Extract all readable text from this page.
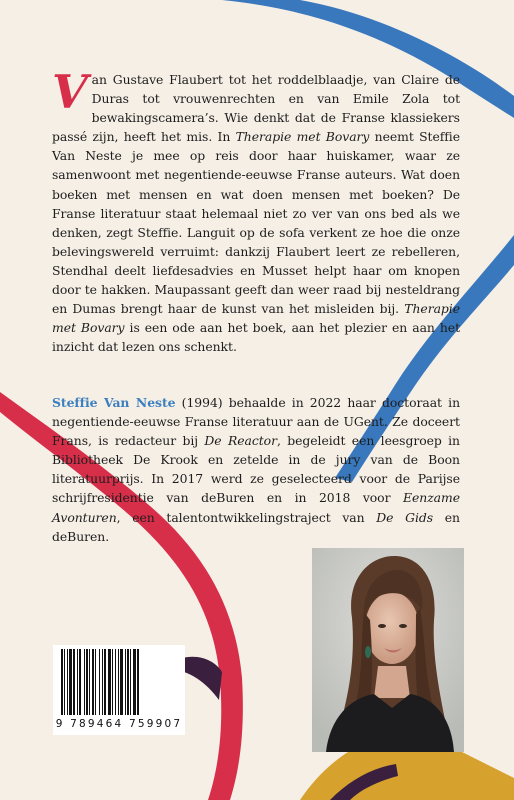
Van Gustave Flaubert tot het roddelblaadje, van Claire de Duras tot vrouwenrechten en van Emile Zola tot bewakingscamera’s. Wie denkt dat de Franse klassiekers passé zijn, heeft het mis. In Therapie met Bovary neemt Steffie Van Neste je mee op reis door haar huiskamer, waar ze samenwoont met negentiende-eeuwse Franse auteurs. Wat doen boeken met mensen en wat doen mensen met boeken? De Franse literatuur staat helemaal niet zo ver van ons bed als we denken, zegt Steffie. Languit op de sofa verkent ze hoe die onze belevingswereld verruimt: dankzij Flaubert leert ze rebelleren, Stendhal deelt liefdesadvies en Musset helpt haar om knopen door te hakken. Maupassant geeft dan weer raad bij nesteldrang en Dumas brengt haar de kunst van het misleiden bij. Therapie met Bovary is een ode aan het boek, aan het plezier en aan het inzicht dat lezen ons schenkt.
Steffie Van Neste (1994) behaalde in 2022 haar doctoraat in negentiende-eeuwse Franse literatuur aan de UGent. Ze doceert Frans, is redacteur bij De Reactor, begeleidt een leesgroep in Bibliotheek De Krook en zetelde in de jury van de Boon literatuurprijs. In 2017 werd ze geselecteerd voor de Parijse schrijfresidentie van deBuren en in 2018 voor Eenzame Avonturen, een talentontwikkelingstraject van De Gids en deBuren.
9 789464 759907
